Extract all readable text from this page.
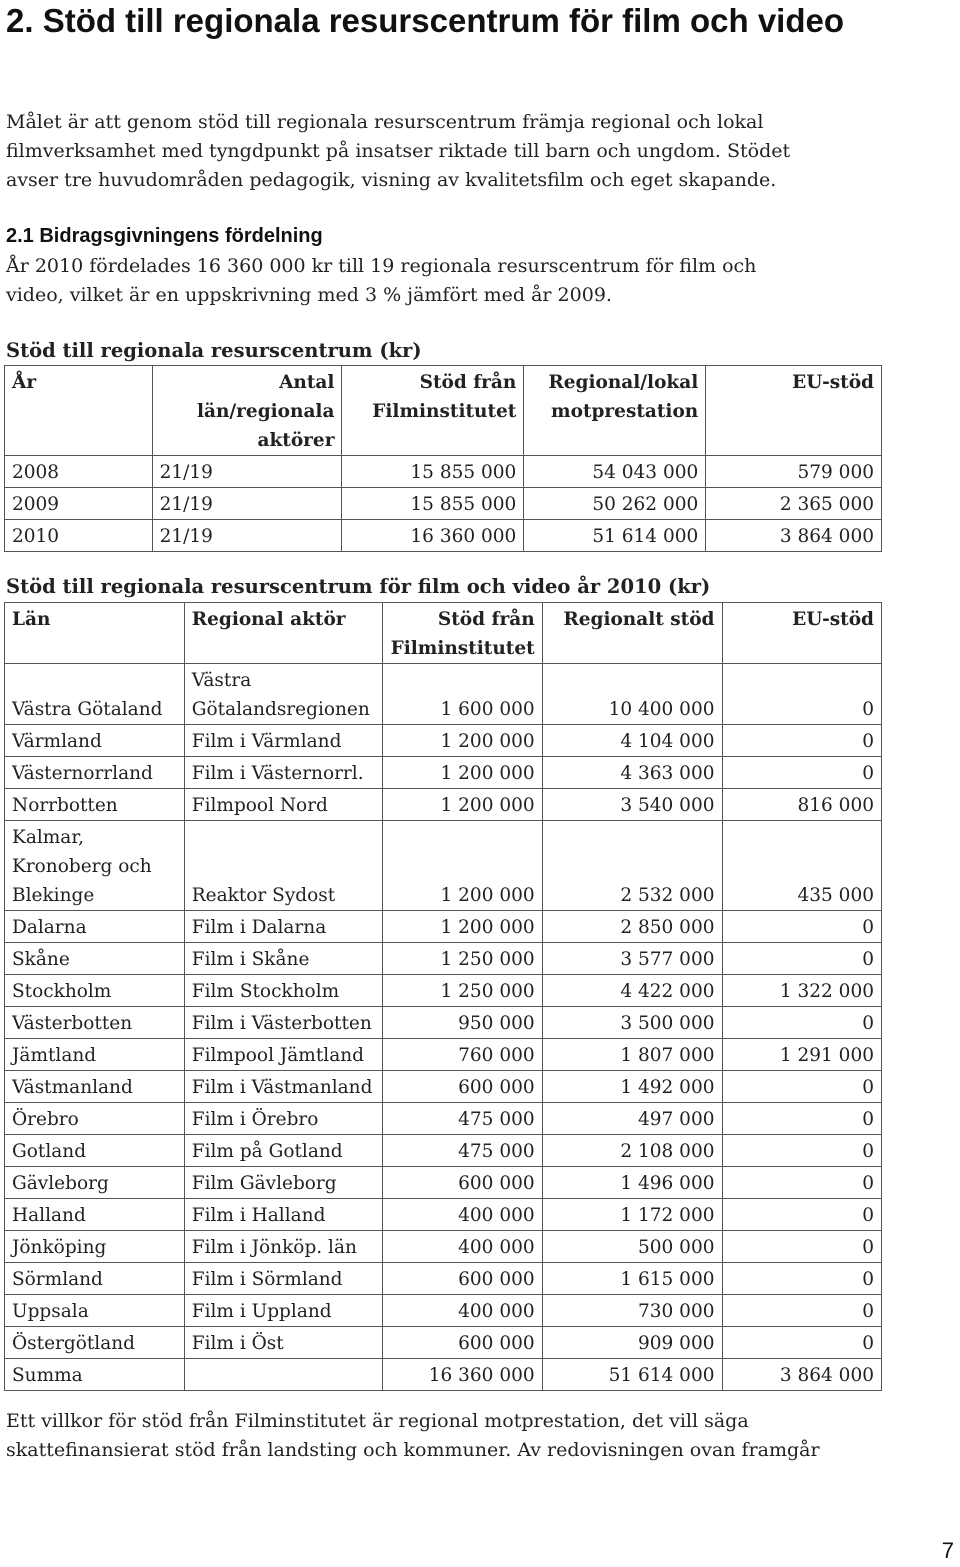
2. Stöd till regionala resurscentrum för film och video

Målet är att genom stöd till regionala resurscentrum främja regional och lokal filmverksamhet med tyngdpunkt på insatser riktade till barn och ungdom. Stödet avser tre huvudområden pedagogik, visning av kvalitetsfilm och eget skapande.

2.1 Bidragsgivningens fördelning

År 2010 fördelades 16 360 000 kr till 19 regionala resurscentrum för film och video, vilket är en uppskrivning med 3 % jämfört med år 2009.

Stöd till regionala resurscentrum (kr)

År	Antal län/regionala aktörer	Stöd från Filminstitutet	Regional/lokal motprestation	EU-stöd
2008	21/19	15 855 000	54 043 000	579 000
2009	21/19	15 855 000	50 262 000	2 365 000
2010	21/19	16 360 000	51 614 000	3 864 000

Stöd till regionala resurscentrum för film och video år 2010 (kr)

Län	Regional aktör	Stöd från Filminstitutet	Regionalt stöd	EU-stöd
Västra Götaland	Västra Götalandsregionen	1 600 000	10 400 000	0
Värmland	Film i Värmland	1 200 000	4 104 000	0
Västernorrland	Film i Västernorrl.	1 200 000	4 363 000	0
Norrbotten	Filmpool Nord	1 200 000	3 540 000	816 000
Kalmar, Kronoberg och Blekinge	Reaktor Sydost	1 200 000	2 532 000	435 000
Dalarna	Film i Dalarna	1 200 000	2 850 000	0
Skåne	Film i Skåne	1 250 000	3 577 000	0
Stockholm	Film Stockholm	1 250 000	4 422 000	1 322 000
Västerbotten	Film i Västerbotten	950 000	3 500 000	0
Jämtland	Filmpool Jämtland	760 000	1 807 000	1 291 000
Västmanland	Film i Västmanland	600 000	1 492 000	0
Örebro	Film i Örebro	475 000	497 000	0
Gotland	Film på Gotland	475 000	2 108 000	0
Gävleborg	Film Gävleborg	600 000	1 496 000	0
Halland	Film i Halland	400 000	1 172 000	0
Jönköping	Film i Jönköp. län	400 000	500 000	0
Sörmland	Film i Sörmland	600 000	1 615 000	0
Uppsala	Film i Uppland	400 000	730 000	0
Östergötland	Film i Öst	600 000	909 000	0
Summa		16 360 000	51 614 000	3 864 000

Ett villkor för stöd från Filminstitutet är regional motprestation, det vill säga skattefinansierat stöd från landsting och kommuner. Av redovisningen ovan framgår

7
